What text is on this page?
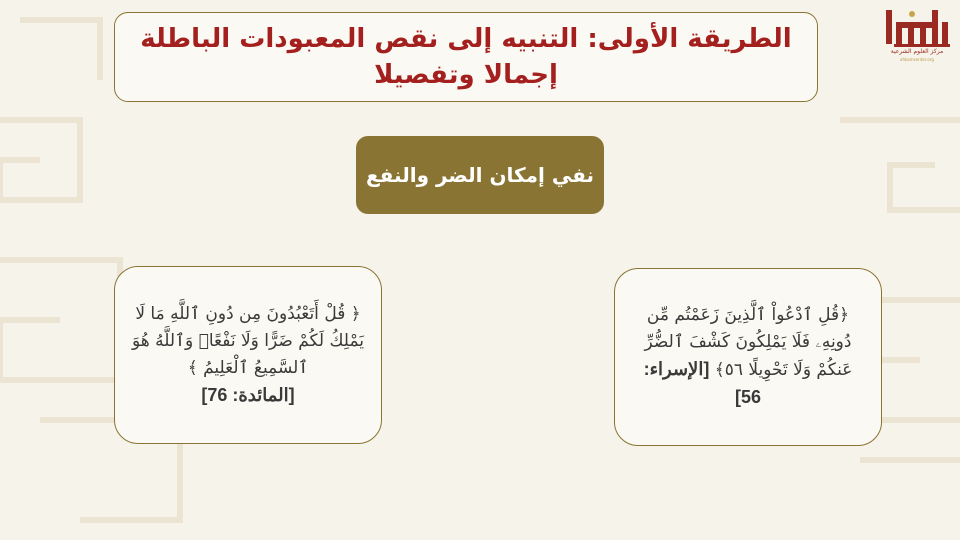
مركز العلوم الشرعية
ahkamcenter.org
الطريقة الأولى: التنبيه إلى نقص المعبودات الباطلة إجمالا وتفصيلا
نفي إمكان الضر والنفع
﴿ قُلْ أَتَعْبُدُونَ مِن دُونِ ٱللَّهِ مَا لَا يَمْلِكُ لَكُمْ ضَرًّا وَلَا نَفْعًاۚ وَٱللَّهُ هُوَ ٱلسَّمِيعُ ٱلْعَلِيمُ ﴾
[المائدة: 76]
﴿قُلِ ٱدْعُواْ ٱلَّذِينَ زَعَمْتُم مِّن دُونِهِۦ فَلَا يَمْلِكُونَ كَشْفَ ٱلضُّرِّ عَنكُمْ وَلَا تَحْوِيلًا ٥٦﴾ [الإسراء: 56]
